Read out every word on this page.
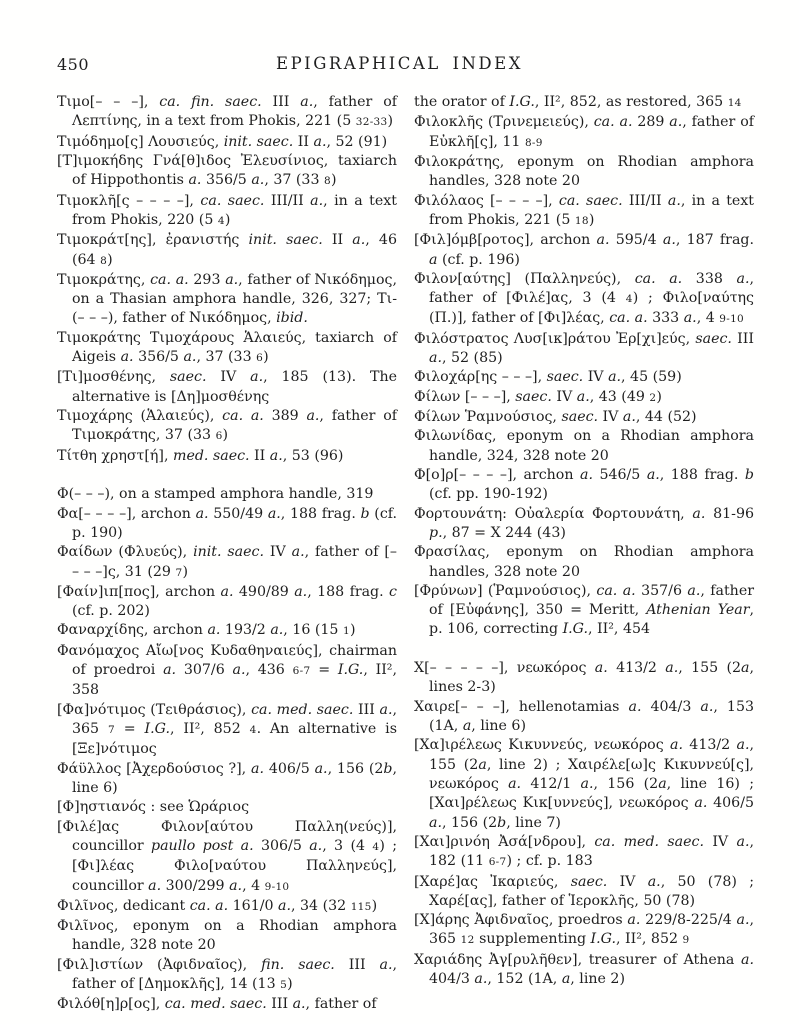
450	EPIGRAPHICAL INDEX

Τιμο[– – –], ca. fin. saec. III a., father of Λεπτίνης, in a text from Phokis, 221 (5 32-33)

Τιμόδημο[ς] Λουσιεύς, init. saec. II a., 52 (91)

[Τ]ιμοκήδης Γνά[θ]ιδος Ἐλευσίνιος, taxiarch of Hippothontis a. 356/5 a., 37 (33 8)

Τιμοκλῆ[ς – – – –], ca. saec. III/II a., in a text from Phokis, 220 (5 4)

Τιμοκράτ[ης], ἐρανιστής init. saec. II a., 46 (64 8)

Τιμοκράτης, ca. a. 293 a., father of Νικόδημος, on a Thasian amphora handle, 326, 327; Τι-(– – –), father of Νικόδημος, ibid.

Τιμοκράτης Τιμοχάρους Ἁλαιεύς, taxiarch of Aigeis a. 356/5 a., 37 (33 6)

[Τι]μοσθένης, saec. IV a., 185 (13). The alternative is [Δη]μοσθένης

Τιμοχάρης (Ἁλαιεύς), ca. a. 389 a., father of Τιμοκράτης, 37 (33 6)

Τίτθη χρηστ[ή], med. saec. II a., 53 (96)

Φ(– – –), on a stamped amphora handle, 319

Φα[– – – –], archon a. 550/49 a., 188 frag. b (cf. p. 190)

Φαίδων (Φλυεύς), init. saec. IV a., father of [– – – –]ς, 31 (29 7)

[Φαίν]ιπ[πος], archon a. 490/89 a., 188 frag. c (cf. p. 202)

Φαναρχίδης, archon a. 193/2 a., 16 (15 1)

Φανόμαχος Αἴω[νος Κυδαθηναιεύς], chairman of proedroi a. 307/6 a., 436 6-7 = I.G., II², 358

[Φα]νότιμος (Τειθράσιος), ca. med. saec. III a., 365 7 = I.G., II², 852 4. An alternative is [Ξε]νότιμος

Φάϋλλος [Ἀχερδούσιος ?], a. 406/5 a., 156 (2b, line 6)

[Φ]ηστιανός : see Ὡράριος

[Φιλέ]ας Φιλον[αύτου Παλλη(νεύς)], councillor paullo post a. 306/5 a., 3 (4 4) ; [Φι]λέας Φιλο[ναύτου Παλληνεύς], councillor a. 300/299 a., 4 9-10

Φιλῖνος, dedicant ca. a. 161/0 a., 34 (32 115)

Φιλῖνος, eponym on a Rhodian amphora handle, 328 note 20

[Φιλ]ιστίων (Ἀφιδναῖος), fin. saec. III a., father of [Δημοκλῆς], 14 (13 5)

Φιλόθ[η]ρ[ος], ca. med. saec. III a., father of

the orator of I.G., II², 852, as restored, 365 14

Φιλοκλῆς (Τρινεμειεύς), ca. a. 289 a., father of Εὐκλῆ[ς], 11 8-9

Φιλοκράτης, eponym on Rhodian amphora handles, 328 note 20

Φιλόλαος [– – – –], ca. saec. III/II a., in a text from Phokis, 221 (5 18)

[Φιλ]όμβ[ροτος], archon a. 595/4 a., 187 frag. a (cf. p. 196)

Φιλον[αύτης] (Παλληνεύς), ca. a. 338 a., father of [Φιλέ]ας, 3 (4 4) ; Φιλο[ναύτης (Π.)], father of [Φι]λέας, ca. a. 333 a., 4 9-10

Φιλόστρατος Λυσ[ικ]ράτου Ἐρ[χι]εύς, saec. III a., 52 (85)

Φιλοχάρ[ης – – –], saec. IV a., 45 (59)

Φίλων [– – –], saec. IV a., 43 (49 2)

Φίλων Ῥαμνούσιος, saec. IV a., 44 (52)

Φιλωνίδας, eponym on a Rhodian amphora handle, 324, 328 note 20

Φ[ο]ρ[– – – –], archon a. 546/5 a., 188 frag. b (cf. pp. 190-192)

Φορτουνάτη: Οὐαλερία Φορτουνάτη, a. 81-96 p., 87 = X 244 (43)

Φρασίλας, eponym on Rhodian amphora handles, 328 note 20

[Φρύνων] (Ῥαμνούσιος), ca. a. 357/6 a., father of [Εὐφάνης], 350 = Meritt, Athenian Year, p. 106, correcting I.G., II², 454

Χ[– – – – –], νεωκόρος a. 413/2 a., 155 (2a, lines 2-3)

Χαιρε[– – –], hellenotamias a. 404/3 a., 153 (1A, a, line 6)

[Χα]ιρέλεως Κικυννεύς, νεωκόρος a. 413/2 a., 155 (2a, line 2) ; Χαιρέλε[ω]ς Κικυννεύ[ς], νεωκόρος a. 412/1 a., 156 (2a, line 16) ; [Χαι]ρέλεως Κικ[υννεύς], νεωκόρος a. 406/5 a., 156 (2b, line 7)

[Χαι]ρινόη Ἀσά[νδρου], ca. med. saec. IV a., 182 (11 6-7) ; cf. p. 183

[Χαρέ]ας Ἰκαριεύς, saec. IV a., 50 (78) ; Χαρέ[ας], father of Ἱεροκλῆς, 50 (78)

[Χ]άρης Ἀφιδναῖος, proedros a. 229/8-225/4 a., 365 12 supplementing I.G., II², 852 9

Χαριάδης Ἀγ[ρυλῆθεν], treasurer of Athena a. 404/3 a., 152 (1A, a, line 2)
